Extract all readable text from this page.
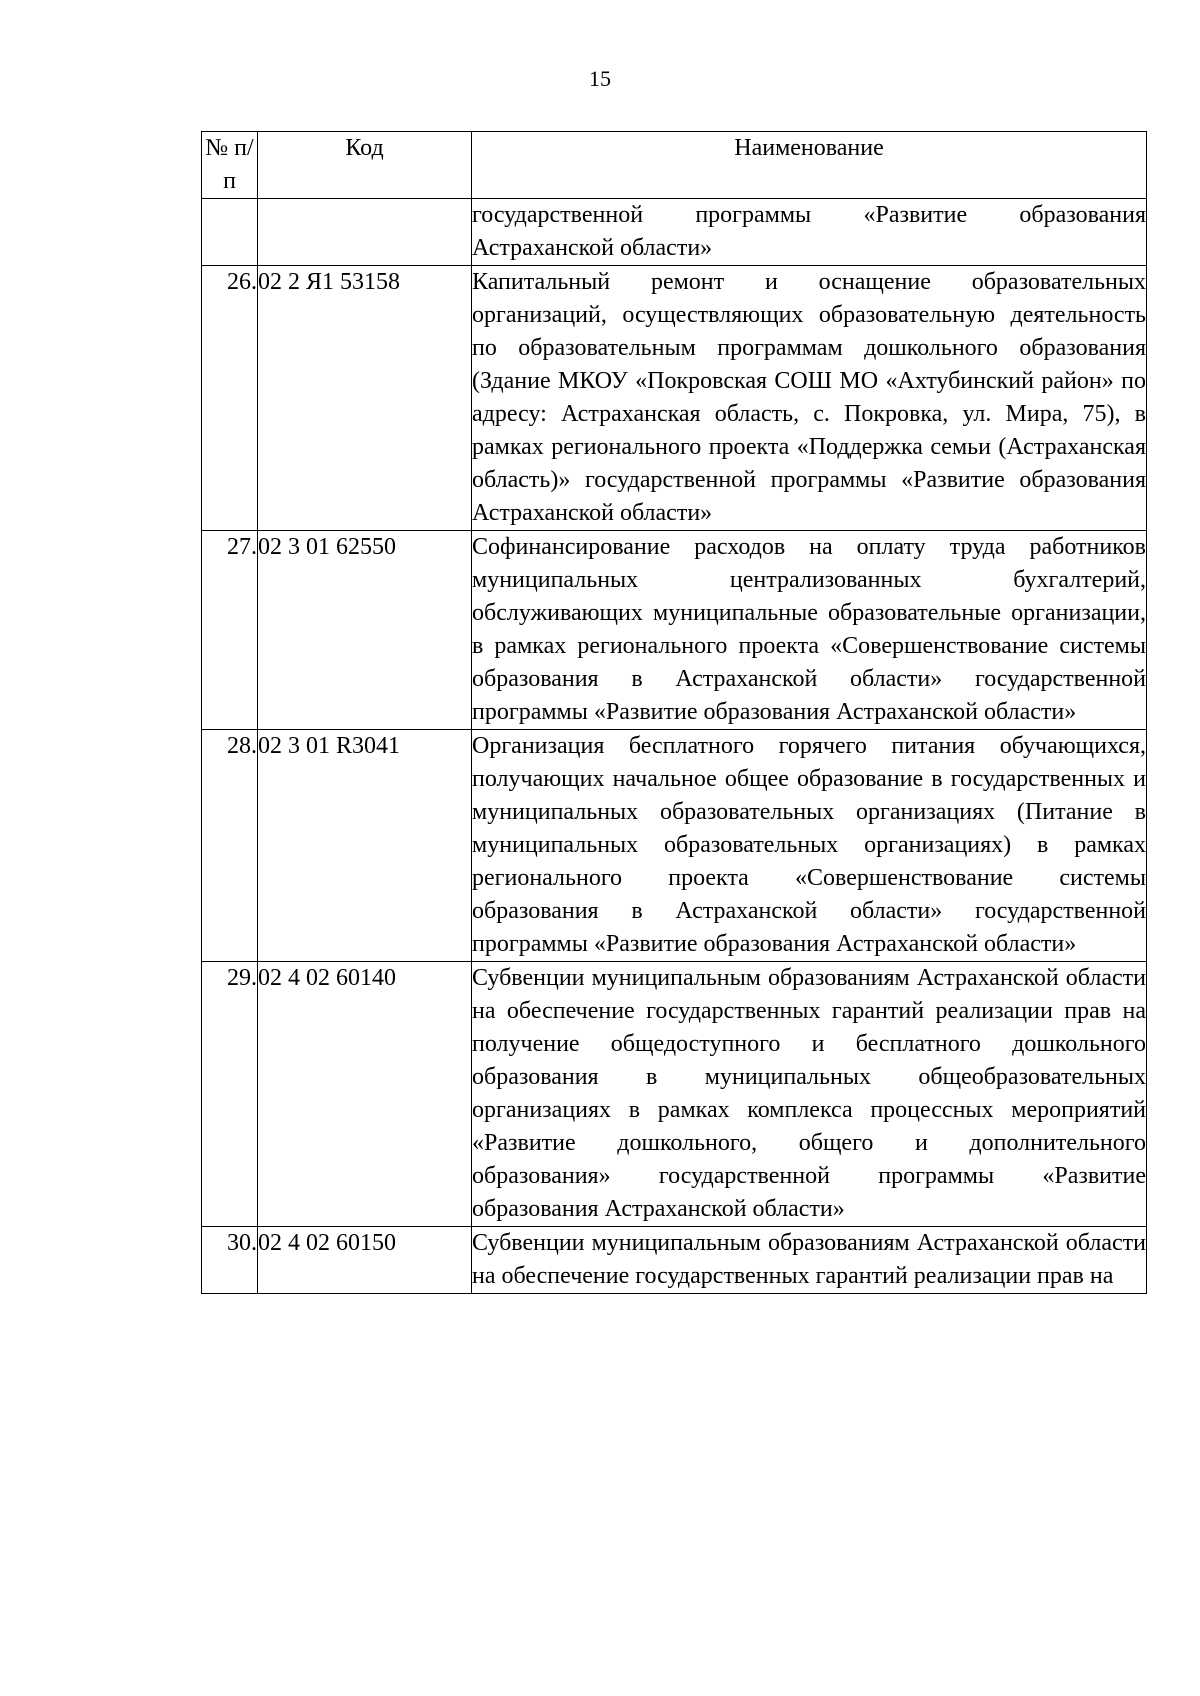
15
№ п/п	Код	Наименование
		государственной программы «Развитие образования Астраханской области»
26.	02 2 Я1 53158	Капитальный ремонт и оснащение образовательных организаций, осуществляющих образовательную деятельность по образовательным программам дошкольного образования (Здание МКОУ «Покровская СОШ МО «Ахтубинский район» по адресу: Астраханская область, с. Покровка, ул. Мира, 75), в рамках регионального проекта «Поддержка семьи (Астраханская область)» государственной программы «Развитие образования Астраханской области»
27.	02 3 01 62550	Софинансирование расходов на оплату труда работников муниципальных централизованных бухгалтерий, обслуживающих муниципальные образовательные организации, в рамках регионального проекта «Совершенствование системы образования в Астраханской области» государственной программы «Развитие образования Астраханской области»
28.	02 3 01 R3041	Организация бесплатного горячего питания обучающихся, получающих начальное общее образование в государственных и муниципальных образовательных организациях (Питание в муниципальных образовательных организациях) в рамках регионального проекта «Совершенствование системы образования в Астраханской области» государственной программы «Развитие образования Астраханской области»
29.	02 4 02 60140	Субвенции муниципальным образованиям Астраханской области на обеспечение государственных гарантий реализации прав на получение общедоступного и бесплатного дошкольного образования в муниципальных общеобразовательных организациях в рамках комплекса процессных мероприятий «Развитие дошкольного, общего и дополнительного образования» государственной программы «Развитие образования Астраханской области»
30.	02 4 02 60150	Субвенции муниципальным образованиям Астраханской области на обеспечение государственных гарантий реализации прав на
